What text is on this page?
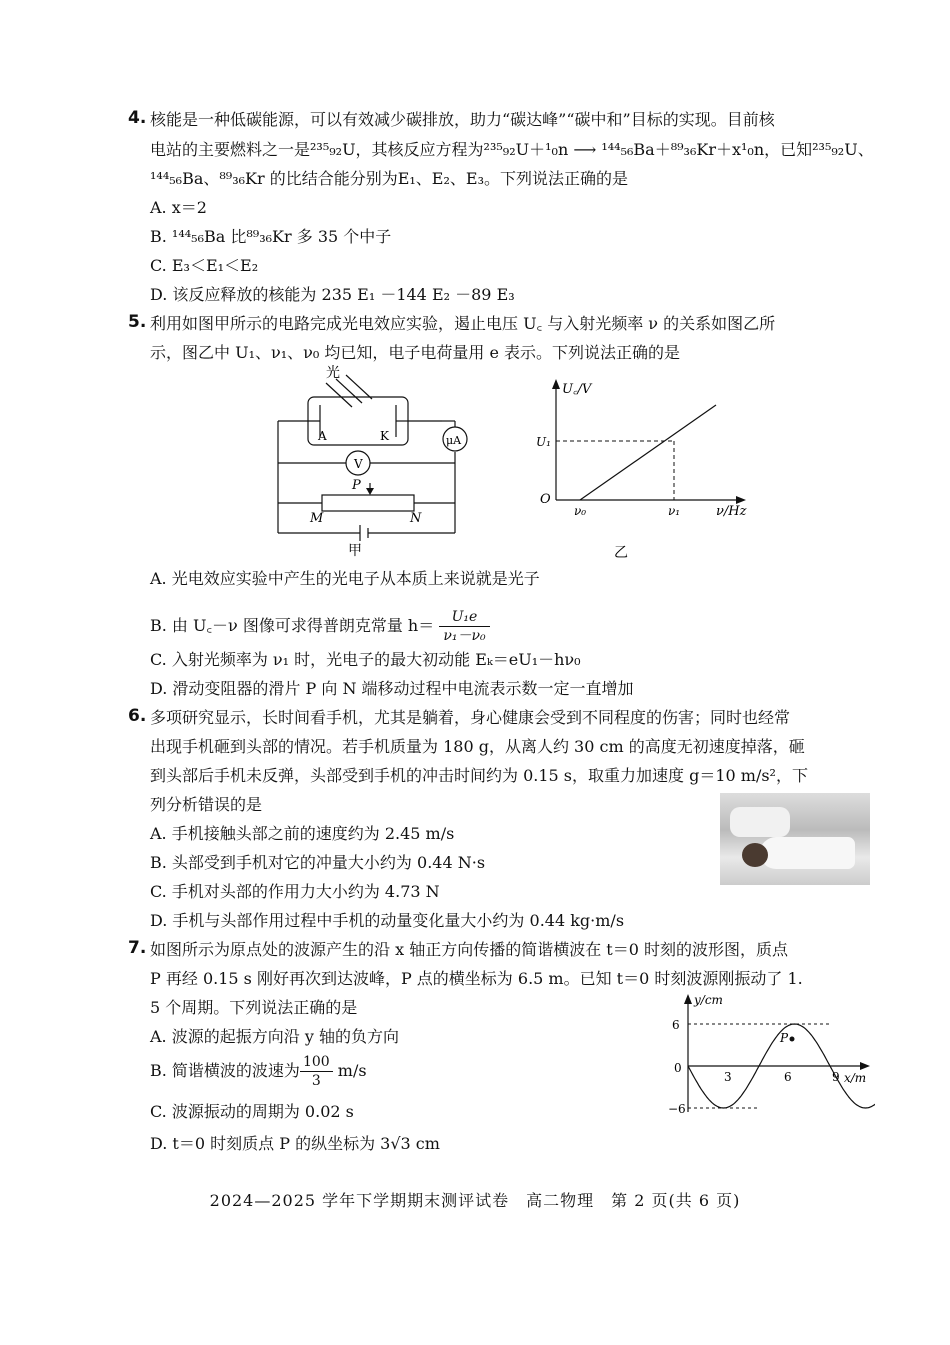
4. 核能是一种低碳能源，可以有效减少碳排放，助力“碳达峰”“碳中和”目标的实现。目前核
电站的主要燃料之一是²³⁵₉₂U，其核反应方程为²³⁵₉₂U＋¹₀n ⟶ ¹⁴⁴₅₆Ba＋⁸⁹₃₆Kr＋x¹₀n，已知²³⁵₉₂U、
¹⁴⁴₅₆Ba、⁸⁹₃₆Kr 的比结合能分别为E₁、E₂、E₃。下列说法正确的是
A. x＝2
B. ¹⁴⁴₅₆Ba 比⁸⁹₃₆Kr 多 35 个中子
C. E₃＜E₁＜E₂
D. 该反应释放的核能为 235 E₁ －144 E₂ －89 E₃
5. 利用如图甲所示的电路完成光电效应实验，遏止电压 U꜀ 与入射光频率 ν 的关系如图乙所
示，图乙中 U₁、ν₁、ν₀ 均已知，电子电荷量用 e 表示。下列说法正确的是
光
A	K	μA
V
P
M	N
甲
U꜀/V
ν/Hz
O
U₁
ν₀	ν₁
乙
A. 光电效应实验中产生的光电子从本质上来说就是光子
B. 由 U꜀－ν 图像可求得普朗克常量 $h= \frac{\text{U₁e}}{\text{ν₁－ν₀}}$
C. 入射光频率为 ν₁ 时，光电子的最大初动能 Eₖ＝eU₁－hν₀
D. 滑动变阻器的滑片 P 向 N 端移动过程中电流表示数一定一直增加
6. 多项研究显示，长时间看手机，尤其是躺着，身心健康会受到不同程度的伤害；同时也经常
出现手机砸到头部的情况。若手机质量为 180 g，从离人约 30 cm 的高度无初速度掉落，砸
到头部后手机未反弹，头部受到手机的冲击时间约为 0.15 s，取重力加速度 g＝10 m/s²，下
列分析错误的是
A. 手机接触头部之前的速度约为 2.45 m/s
B. 头部受到手机对它的冲量大小约为 0.44 N·s
C. 手机对头部的作用力大小约为 4.73 N
D. 手机与头部作用过程中手机的动量变化量大小约为 0.44 kg·m/s
7. 如图所示为原点处的波源产生的沿 x 轴正方向传播的简谐横波在 t＝0 时刻的波形图，质点
P 再经 0.15 s 刚好再次到达波峰，P 点的横坐标为 6.5 m。已知 t＝0 时刻波源刚振动了 1.
5 个周期。下列说法正确的是	y/cm
x/m
6
−6
0
3	6	9
P
A. 波源的起振方向沿 y 轴的负方向
B. 简谐横波的波速为 $\frac{100}{3} m/s$
C. 波源振动的周期为 0.02 s
D. t＝0 时刻质点 P 的纵坐标为 3√3 cm
2024—2025 学年下学期期末测评试卷　高二物理　第 2 页(共 6 页)
